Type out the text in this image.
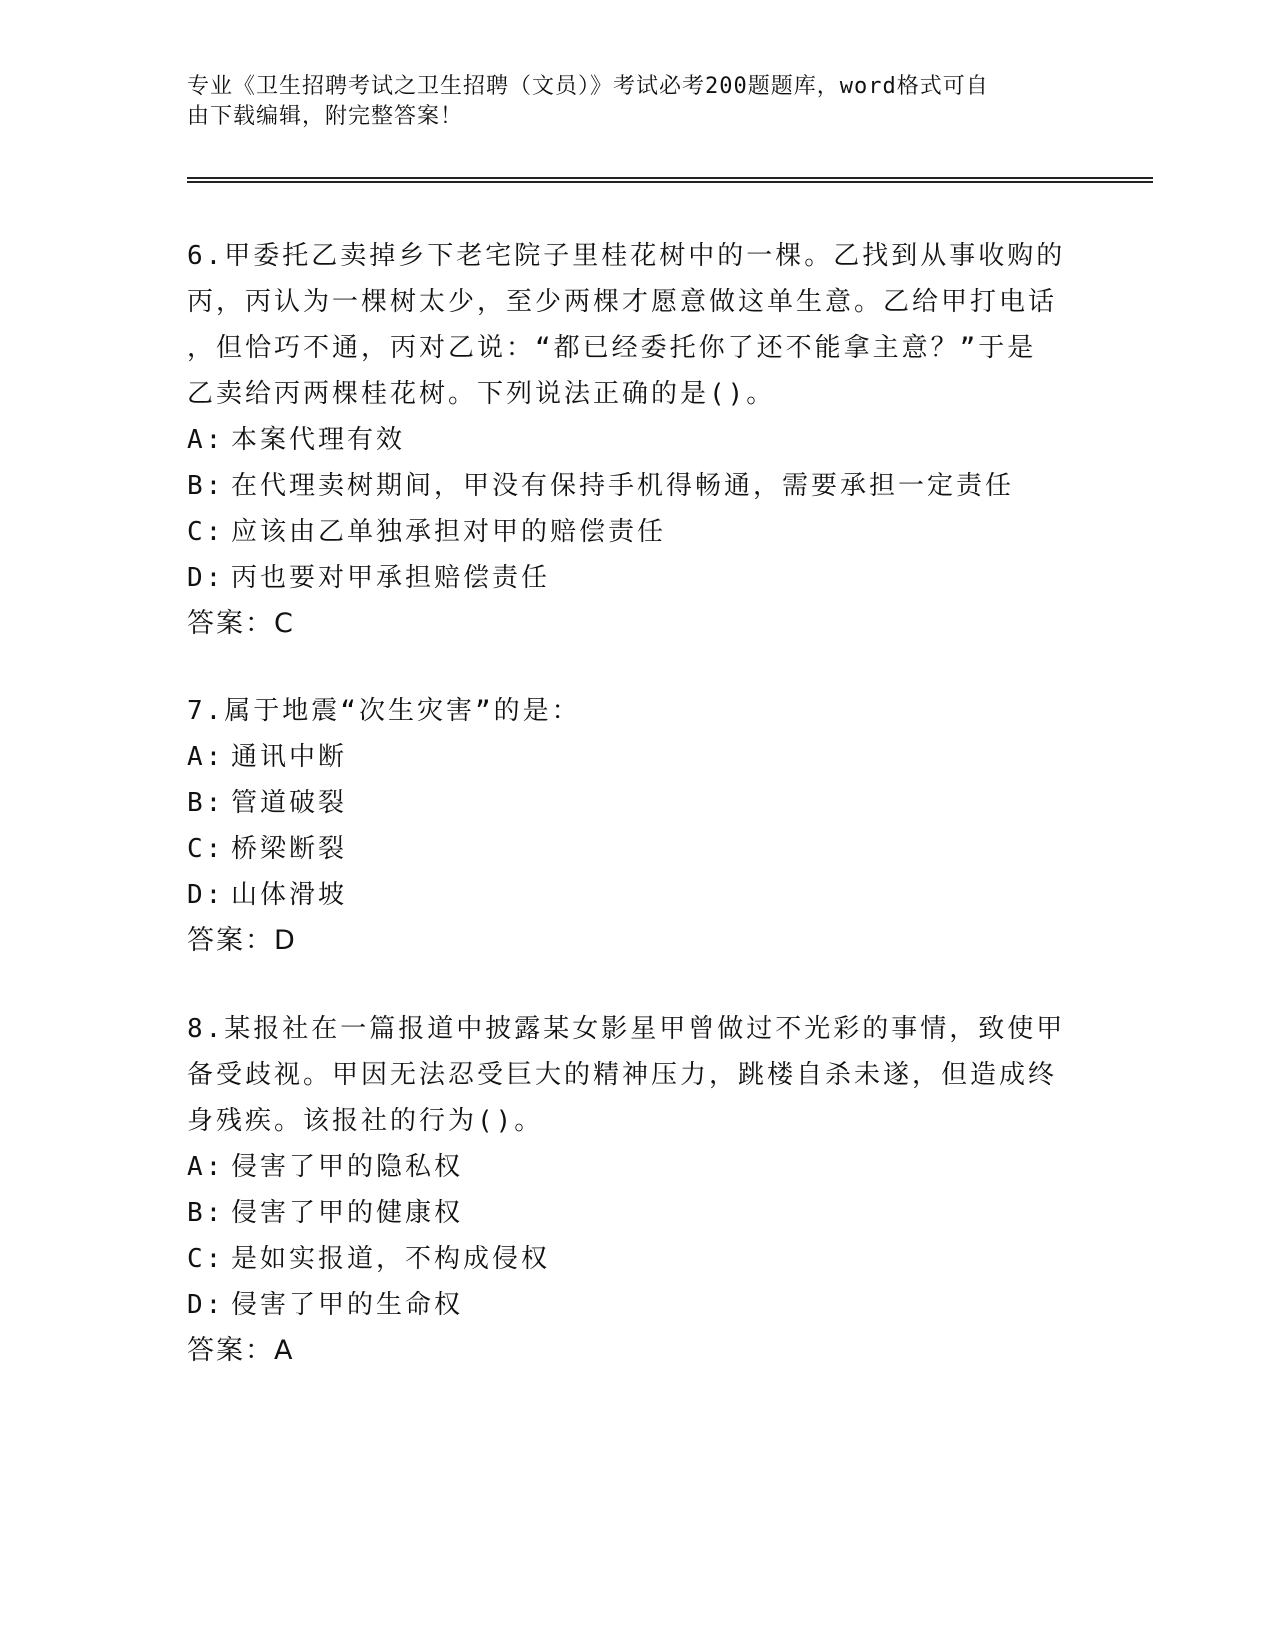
专业《卫生招聘考试之卫生招聘（文员）》考试必考200题题库，word格式可自
由下载编辑，附完整答案！
6.甲委托乙卖掉乡下老宅院子里桂花树中的一棵。乙找到从事收购的
丙，丙认为一棵树太少，至少两棵才愿意做这单生意。乙给甲打电话
，但恰巧不通，丙对乙说：“都已经委托你了还不能拿主意？”于是
乙卖给丙两棵桂花树。下列说法正确的是()。
A: 本案代理有效
B: 在代理卖树期间，甲没有保持手机得畅通，需要承担一定责任
C: 应该由乙单独承担对甲的赔偿责任
D: 丙也要对甲承担赔偿责任
答案：C
7.属于地震“次生灾害”的是：
A: 通讯中断
B: 管道破裂
C: 桥梁断裂
D: 山体滑坡
答案：D
8.某报社在一篇报道中披露某女影星甲曾做过不光彩的事情，致使甲
备受歧视。甲因无法忍受巨大的精神压力，跳楼自杀未遂，但造成终
身残疾。该报社的行为()。
A: 侵害了甲的隐私权
B: 侵害了甲的健康权
C: 是如实报道，不构成侵权
D: 侵害了甲的生命权
答案：A
